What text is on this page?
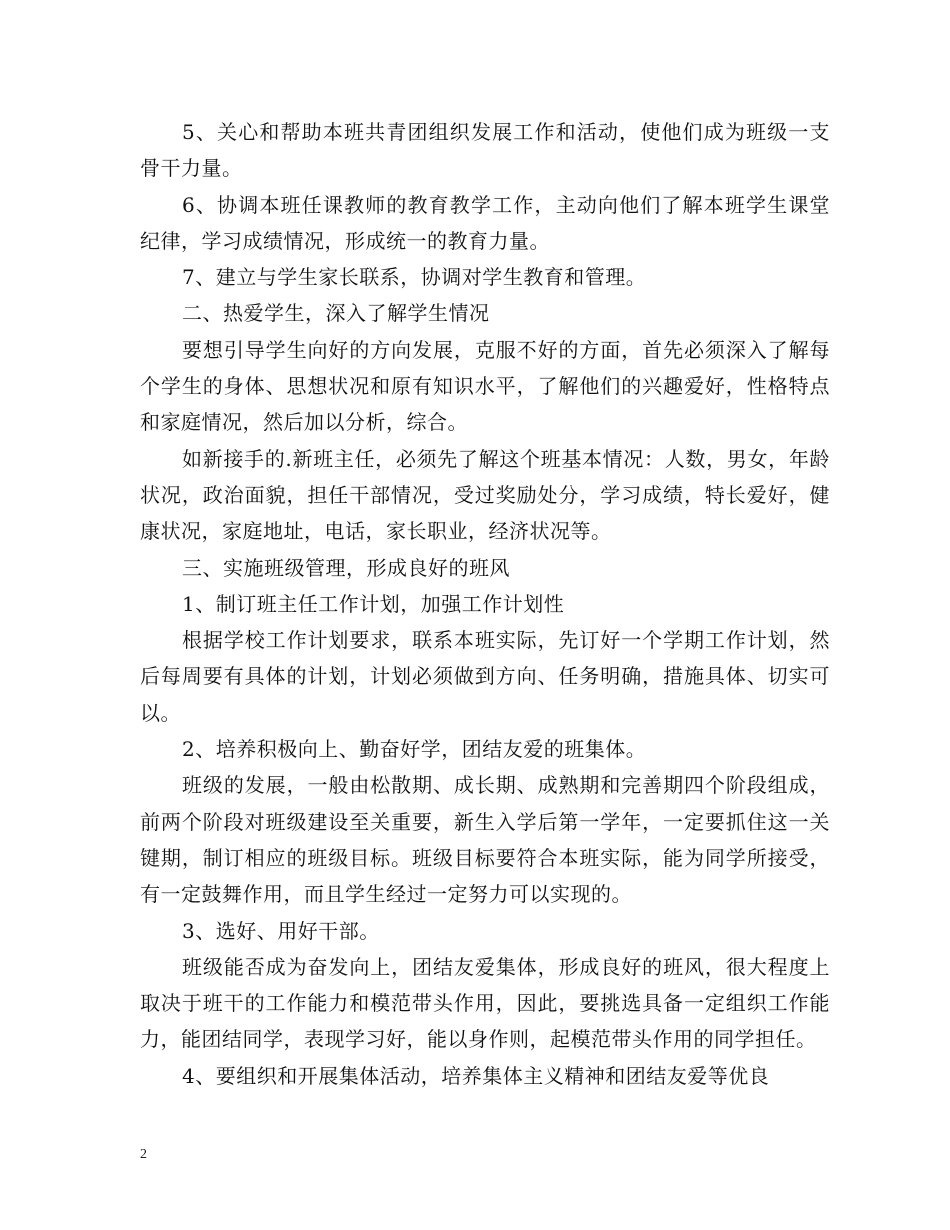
5、关心和帮助本班共青团组织发展工作和活动，使他们成为班级一支骨干力量。

6、协调本班任课教师的教育教学工作，主动向他们了解本班学生课堂纪律，学习成绩情况，形成统一的教育力量。

7、建立与学生家长联系，协调对学生教育和管理。

二、热爱学生，深入了解学生情况

要想引导学生向好的方向发展，克服不好的方面，首先必须深入了解每个学生的身体、思想状况和原有知识水平，了解他们的兴趣爱好，性格特点和家庭情况，然后加以分析，综合。

如新接手的.新班主任，必须先了解这个班基本情况：人数，男女，年龄状况，政治面貌，担任干部情况，受过奖励处分，学习成绩，特长爱好，健康状况，家庭地址，电话，家长职业，经济状况等。

三、实施班级管理，形成良好的班风

1、制订班主任工作计划，加强工作计划性

根据学校工作计划要求，联系本班实际，先订好一个学期工作计划，然后每周要有具体的计划，计划必须做到方向、任务明确，措施具体、切实可以。

2、培养积极向上、勤奋好学，团结友爱的班集体。

班级的发展，一般由松散期、成长期、成熟期和完善期四个阶段组成，前两个阶段对班级建设至关重要，新生入学后第一学年，一定要抓住这一关键期，制订相应的班级目标。班级目标要符合本班实际，能为同学所接受，有一定鼓舞作用，而且学生经过一定努力可以实现的。

3、选好、用好干部。

班级能否成为奋发向上，团结友爱集体，形成良好的班风，很大程度上取决于班干的工作能力和模范带头作用，因此，要挑选具备一定组织工作能力，能团结同学，表现学习好，能以身作则，起模范带头作用的同学担任。

4、要组织和开展集体活动，培养集体主义精神和团结友爱等优良

2
